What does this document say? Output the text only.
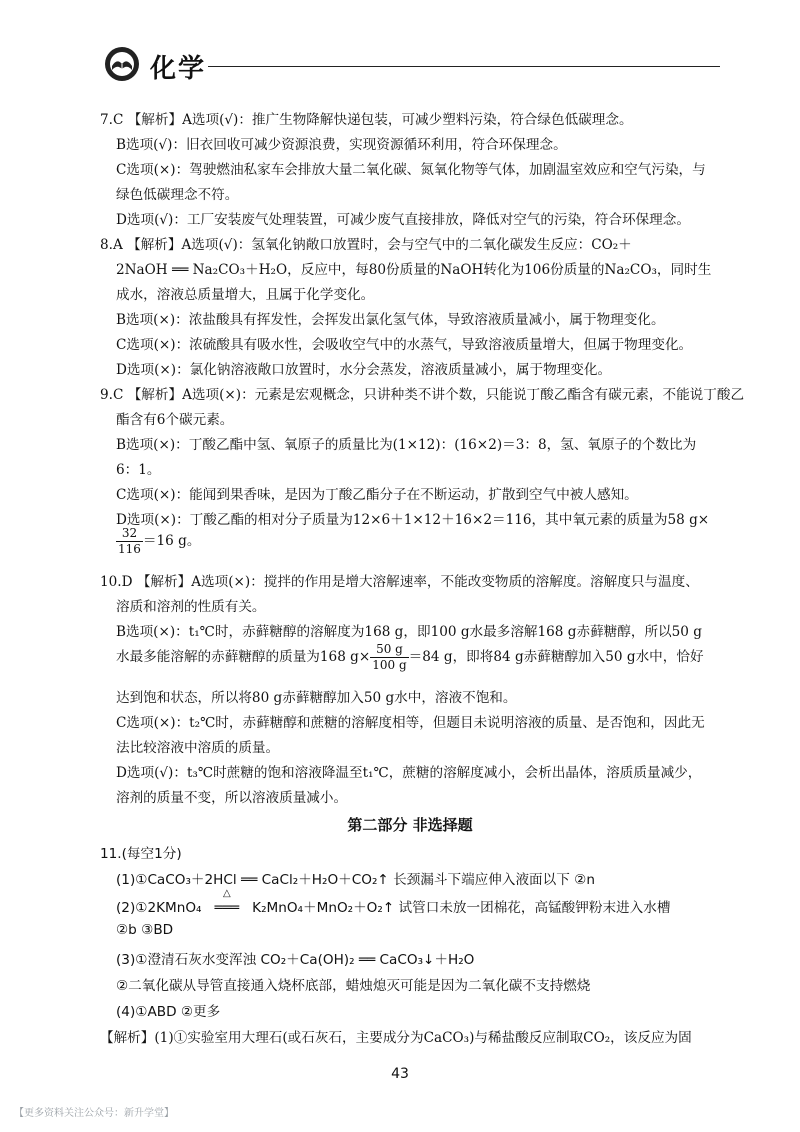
化学
7.C 【解析】A选项(√)：推广生物降解快递包装，可减少塑料污染，符合绿色低碳理念。
B选项(√)：旧衣回收可减少资源浪费，实现资源循环利用，符合环保理念。
C选项(×)：驾驶燃油私家车会排放大量二氧化碳、氮氧化物等气体，加剧温室效应和空气污染，与
绿色低碳理念不符。
D选项(√)：工厂安装废气处理装置，可减少废气直接排放，降低对空气的污染，符合环保理念。
8.A 【解析】A选项(√)：氢氧化钠敞口放置时，会与空气中的二氧化碳发生反应：CO₂＋
2NaOH ══ Na₂CO₃＋H₂O，反应中，每80份质量的NaOH转化为106份质量的Na₂CO₃，同时生
成水，溶液总质量增大，且属于化学变化。
B选项(×)：浓盐酸具有挥发性，会挥发出氯化氢气体，导致溶液质量减小，属于物理变化。
C选项(×)：浓硫酸具有吸水性，会吸收空气中的水蒸气，导致溶液质量增大，但属于物理变化。
D选项(×)：氯化钠溶液敞口放置时，水分会蒸发，溶液质量减小，属于物理变化。
9.C 【解析】A选项(×)：元素是宏观概念，只讲种类不讲个数，只能说丁酸乙酯含有碳元素，不能说丁酸乙
酯含有6个碳元素。
B选项(×)：丁酸乙酯中氢、氧原子的质量比为(1×12)：(16×2)＝3：8，氢、氧原子的个数比为
6：1。
C选项(×)：能闻到果香味，是因为丁酸乙酯分子在不断运动，扩散到空气中被人感知。
D选项(×)：丁酸乙酯的相对分子质量为12×6＋1×12＋16×2＝116，其中氧元素的质量为58 g×
$\frac{32}{116} =16$ g。
10.D 【解析】A选项(×)：搅拌的作用是增大溶解速率，不能改变物质的溶解度。溶解度只与温度、
溶质和溶剂的性质有关。
B选项(×)：t₁℃时，赤藓糖醇的溶解度为168 g，即100 g水最多溶解168 g赤藓糖醇，所以50 g
水最多能溶解的赤藓糖醇的质量为168 $g\times \frac{50 g}{100 g} =84$ g，即将84 g赤藓糖醇加入50 g水中，恰好
达到饱和状态，所以将80 g赤藓糖醇加入50 g水中，溶液不饱和。
C选项(×)：t₂℃时，赤藓糖醇和蔗糖的溶解度相等，但题目未说明溶液的质量、是否饱和，因此无
法比较溶液中溶质的质量。
D选项(√)：t₃℃时蔗糖的饱和溶液降温至t₁℃，蔗糖的溶解度减小，会析出晶体，溶质质量减少，
溶剂的质量不变，所以溶液质量减小。
第二部分 非选择题
11.(每空1分)
(1)①CaCO₃＋2HCl ══ CaCl₂＋H₂O＋CO₂↑ 长颈漏斗下端应伸入液面以下 ②n
(2)①2KMnO₄
△
═══ K₂MnO₄＋MnO₂＋O₂↑ 试管口未放一团棉花，高锰酸钾粉末进入水槽
②b ③BD
(3)①澄清石灰水变浑浊 CO₂＋Ca(OH)₂ ══ CaCO₃↓＋H₂O
②二氧化碳从导管直接通入烧杯底部，蜡烛熄灭可能是因为二氧化碳不支持燃烧
(4)①ABD ②更多
【解析】(1)①实验室用大理石(或石灰石，主要成分为CaCO₃)与稀盐酸反应制取CO₂，该反应为固
43
【更多资料关注公众号：新升学堂】
